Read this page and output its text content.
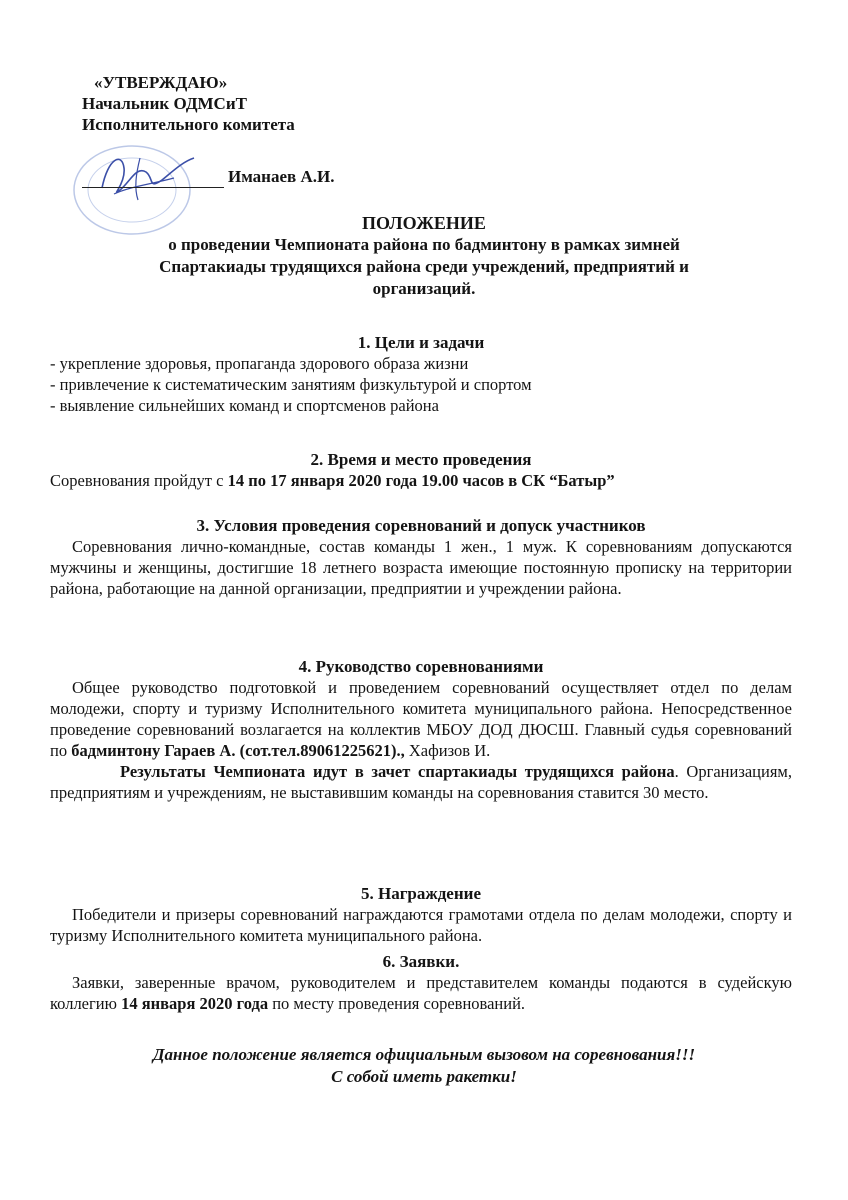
«УТВЕРЖДАЮ»
Начальник ОДМСиТ
Исполнительного комитета
Иманаев А.И.
ПОЛОЖЕНИЕ
о проведении Чемпионата района по бадминтону в рамках зимней
Спартакиады трудящихся района среди учреждений, предприятий и
организаций.
1. Цели и задачи
- укрепление здоровья, пропаганда здорового образа жизни
- привлечение к систематическим занятиям физкультурой и спортом
- выявление сильнейших команд и спортсменов района
2. Время и место проведения

Соревнования пройдут с 14 по 17 января 2020 года 19.00 часов в СК “Батыр”

3. Условия проведения соревнований и допуск участников

Соревнования лично-командные, состав команды 1 жен., 1 муж. К соревнованиям допускаются мужчины и женщины, достигшие 18 летнего возраста имеющие постоянную прописку на территории района, работающие на данной организации, предприятии и учреждении района.

4. Руководство соревнованиями

Общее руководство подготовкой и проведением соревнований осуществляет отдел по делам молодежи, спорту и туризму Исполнительного комитета муниципального района. Непосредственное проведение соревнований возлагается на коллектив МБОУ ДОД ДЮСШ. Главный судья соревнований по бадминтону Гараев А. (сот.тел.89061225621)., Хафизов И.

Результаты Чемпионата идут в зачет спартакиады трудящихся района. Организациям, предприятиям и учреждениям, не выставившим команды на соревнования ставится 30 место.

5. Награждение

Победители и призеры соревнований награждаются грамотами отдела по делам молодежи, спорту и туризму Исполнительного комитета муниципального района.

6. Заявки.

Заявки, заверенные врачом, руководителем и представителем команды подаются в судейскую коллегию 14 января 2020 года по месту проведения соревнований.

Данное положение является официальным вызовом на соревнования!!!
С собой иметь ракетки!
